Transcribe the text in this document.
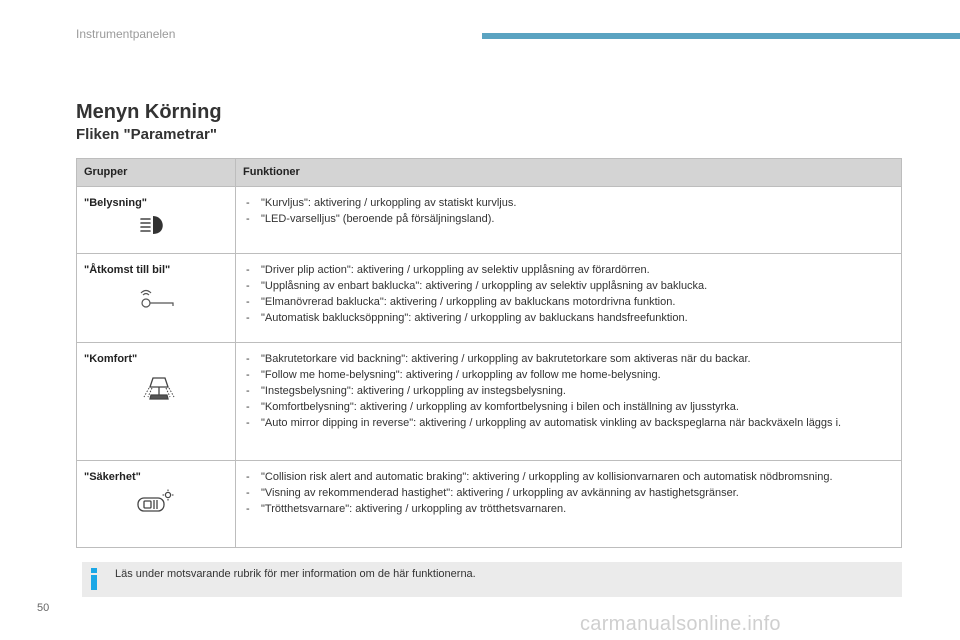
Instrumentpanelen
Menyn Körning
Fliken "Parametrar"
Grupper	Funktioner
"Belysning"	-	"Kurvljus": aktivering / urkoppling av statiskt kurvljus.
-	"LED-varselljus" (beroende på försäljningsland).
"Åtkomst till bil"	-	"Driver plip action": aktivering / urkoppling av selektiv upplåsning av förardörren.
-	"Upplåsning av enbart baklucka": aktivering / urkoppling av selektiv upplåsning av baklucka.
-	"Elmanövrerad baklucka": aktivering / urkoppling av bakluckans motordrivna funktion.
-	"Automatisk baklucksöppning": aktivering / urkoppling av bakluckans handsfreefunktion.
"Komfort"	-	"Bakrutetorkare vid backning": aktivering / urkoppling av bakrutetorkare som aktiveras när du backar.
-	"Follow me home-belysning": aktivering / urkoppling av follow me home-belysning.
-	"Instegsbelysning": aktivering / urkoppling av instegsbelysning.
-	"Komfortbelysning": aktivering / urkoppling av komfortbelysning i bilen och inställning av ljusstyrka.
-	"Auto mirror dipping in reverse": aktivering / urkoppling av automatisk vinkling av backspeglarna när backväxeln läggs i.
"Säkerhet"	-	"Collision risk alert and automatic braking": aktivering / urkoppling av kollisionvarnaren och automatisk nödbromsning.
-	"Visning av rekommenderad hastighet": aktivering / urkoppling av avkänning av hastighetsgränser.
-	"Trötthetsvarnare": aktivering / urkoppling av trötthetsvarnaren.
Läs under motsvarande rubrik för mer information om de här funktionerna.
50
carmanualsonline.info
